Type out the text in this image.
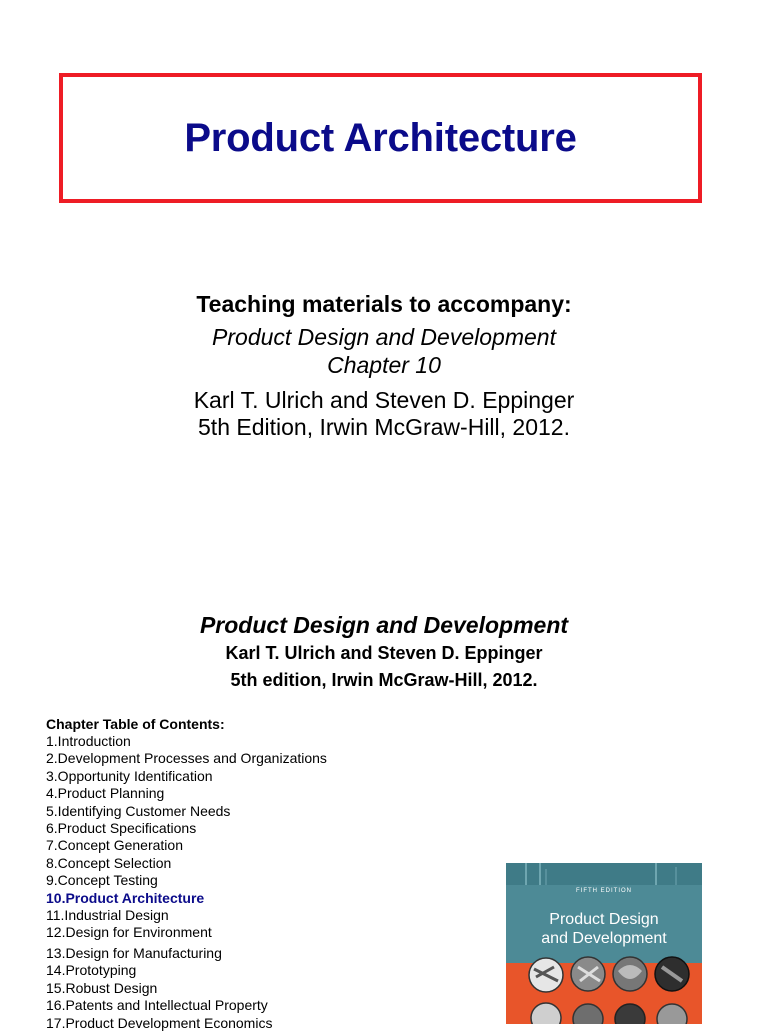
Product Architecture
Teaching materials to accompany:
Product Design and Development
Chapter 10
Karl T. Ulrich and Steven D. Eppinger
5th Edition, Irwin McGraw-Hill, 2012.
Product Design and Development
Karl T. Ulrich and Steven D. Eppinger
5th edition, Irwin McGraw-Hill, 2012.
Chapter Table of Contents:
1.Introduction
2.Development Processes and Organizations
3.Opportunity Identification
4.Product Planning
5.Identifying Customer Needs
6.Product Specifications
7.Concept Generation
8.Concept Selection
9.Concept Testing
10.Product Architecture
11.Industrial Design
12.Design for Environment
13.Design for Manufacturing
14.Prototyping
15.Robust Design
16.Patents and Intellectual Property
17.Product Development Economics
FIFTH EDITION
Product Design
and Development
